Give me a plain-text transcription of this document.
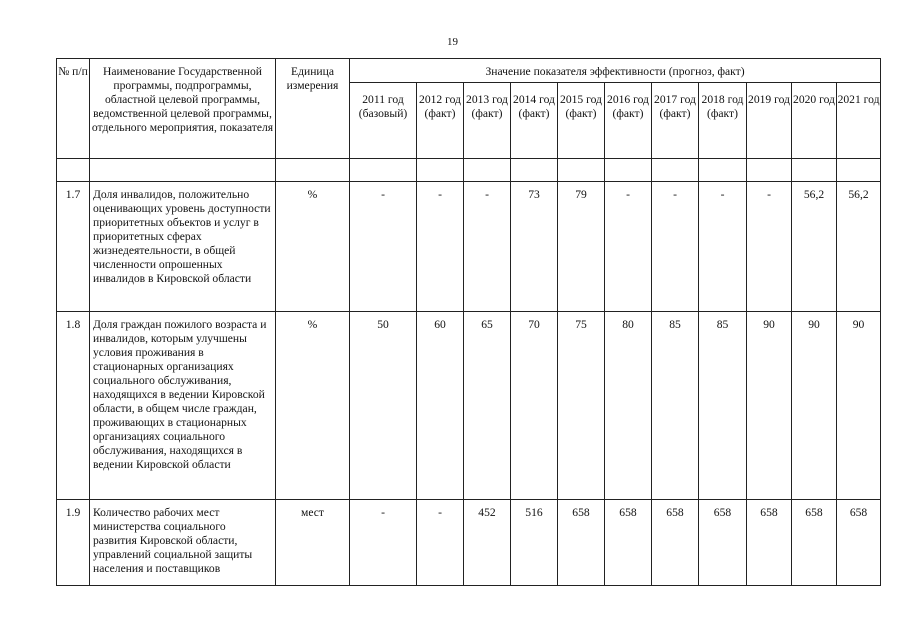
19
№ п/п	Наименование Государственной программы, подпрограммы, областной целевой программы, ведомственной целевой программы, отдельного мероприятия, показателя	Единица измерения	Значение показателя эффективности (прогноз, факт)										
			2011 год (базовый)	2012 год (факт)	2013 год (факт)	2014 год (факт)	2015 год (факт)	2016 год (факт)	2017 год (факт)	2018 год (факт)	2019 год	2020 год	2021 год

1.7	Доля инвалидов, положительно оценивающих уровень доступности приоритетных объектов и услуг в приоритетных сферах жизнедеятельности, в общей численности опрошенных инвалидов в Кировской области	%	-	-	-	73	79	-	-	-	-	56,2	56,2
1.8	Доля граждан пожилого возраста и инвалидов, которым улучшены условия проживания в стационарных организациях социального обслуживания, находящихся в ведении Кировской области, в общем числе граждан, проживающих в стационарных организациях социального обслуживания, находящихся в ведении Кировской области	%	50	60	65	70	75	80	85	85	90	90	90
1.9	Количество рабочих мест министерства социального развития Кировской области, управлений социальной защиты населения и поставщиков	мест	-	-	452	516	658	658	658	658	658	658	658
